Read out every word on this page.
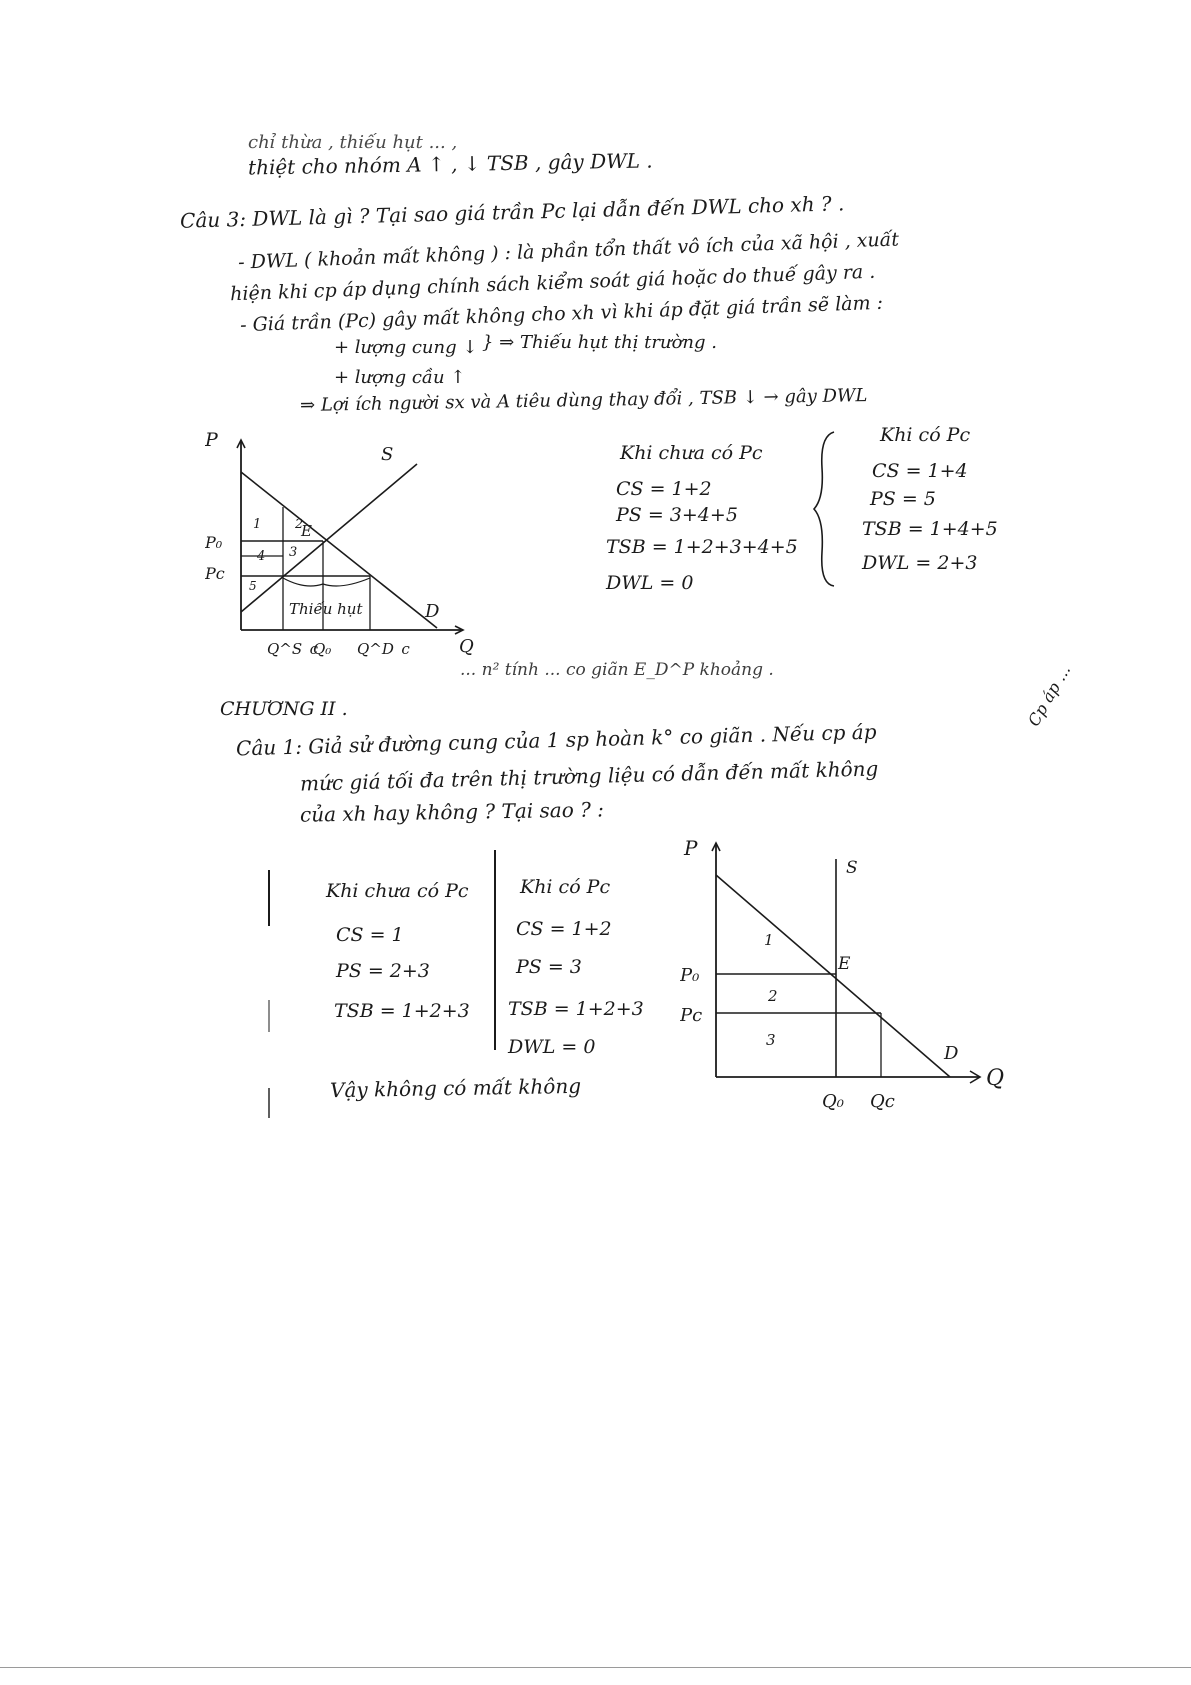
chỉ thừa , thiếu hụt ... ,
thiệt cho nhóm A ↑ , ↓ TSB , gây DWL .
Câu 3: DWL là gì ? Tại sao giá trần Pc lại dẫn đến DWL cho xh ? .
- DWL ( khoản mất không ) : là phần tổn thất vô ích của xã hội , xuất
hiện khi cp áp dụng chính sách kiểm soát giá hoặc do thuế gây ra .
- Giá trần (Pc) gây mất không cho xh vì khi áp đặt giá trần sẽ làm :
+ lượng cung ↓ } ⇒ Thiếu hụt thị trường .
+ lượng cầu ↑
⇒ Lợi ích người sx và A tiêu dùng thay đổi , TSB ↓ → gây DWL
P
S
E
P₀
Pc
1	2
4 3
5
Thiếu hụt	D
Q
Q^S_c
Q₀ Q^D_c
Khi chưa có Pc
CS = 1+2
PS = 3+4+5
TSB = 1+2+3+4+5
DWL = 0
Khi có Pc
CS = 1+4
PS = 5
TSB = 1+4+5
DWL = 2+3
... n² tính ... co giãn E_D^P khoảng .
CHƯƠNG II .
Câu 1: Giả sử đường cung của 1 sp hoàn k° co giãn . Nếu cp áp
mức giá tối đa trên thị trường liệu có dẫn đến mất không
của xh hay không ? Tại sao ? :
Cp áp ...
Khi chưa có Pc
CS = 1
PS = 2+3
TSB = 1+2+3
Khi có Pc
CS = 1+2
PS = 3
TSB = 1+2+3
DWL = 0
Vậy không có mất không
P
S
E
P₀
Pc
1
2
3
D
Q
Q₀ Qc
